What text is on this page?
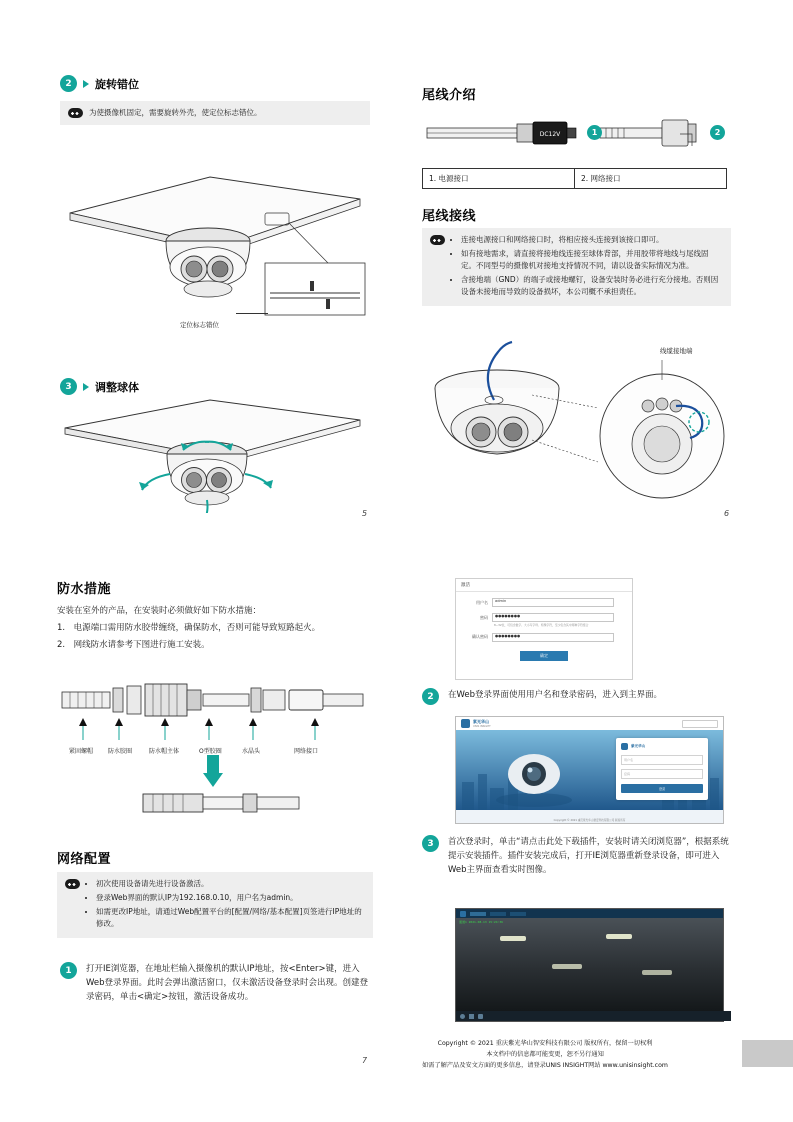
2	旋转错位
为使摄像机固定，需要旋转外壳，使定位标志错位。
定位标志错位
3	调整球体
5
尾线介绍
DC12V	1	2
1. 电源接口	2. 网络接口
尾线接线
• 连接电源接口和网络接口时，将相应接头连接到该接口即可。
• 如有接地需求，请直接将接地线连接至球体背部，并用胶带将地线与尾线固定。不同型号的摄像机对接地支持情况不同，请以设备实际情况为准。
• 含接地端（GND）的端子或接地螺钉，设备安装时务必进行充分接地。否则因设备未接地而导致的设备损坏，本公司概不承担责任。
线缆接地端
6
防水措施
安装在室外的产品，在安装时必须做好如下防水措施：
1.　电源端口需用防水胶带缠绕，确保防水，否则可能导致短路起火。
2.　网线防水请参考下图进行施工安装。
紧固螺帽 防水胶圈	防水帽主体	O型胶圈	水晶头	网络接口
网络配置
• 初次使用设备请先进行设备激活。
• 登录Web界面的默认IP为192.168.0.10，用户名为admin。
• 如需更改IP地址，请通过Web配置平台的[配置/网络/基本配置]页签进行IP地址的修改。
1	打开IE浏览器，在地址栏输入摄像机的默认IP地址，按<Enter>键，进入Web登录界面。此时会弹出激活窗口，仅未激活设备登录时会出现。创建登录密码，单击<确定>按钮，激活设备成功。
7
激活
用户名	admin
密码	●●●●●●●●
8~32位，可包含数字、大小写字母、特殊字符，至少包含其中两种字符组合
确认密码	●●●●●●●●
确定
2	在Web登录界面使用用户名和登录密码，进入到主界面。
紫光华山
UNIS INSIGHT
紫光华山
用户名
密码
登录
Copyright © 2021 重庆紫光华山智安科技有限公司 版权所有
3	首次登录时，单击“请点击此处下载插件，安装时请关闭浏览器”，根据系统提示安装插件。插件安装完成后，打开IE浏览器重新登录设备，即可进入Web主界面查看实时图像。
通道1 2021-08-13 15:24:36
Copyright © 2021 重庆紫光华山智安科技有限公司 版权所有，保留一切权利
本文档中的信息都可能变更，恕不另行通知
如需了解产品及安文方面的更多信息，请登录UNIS INSIGHT网站 www.unisinsight.com
